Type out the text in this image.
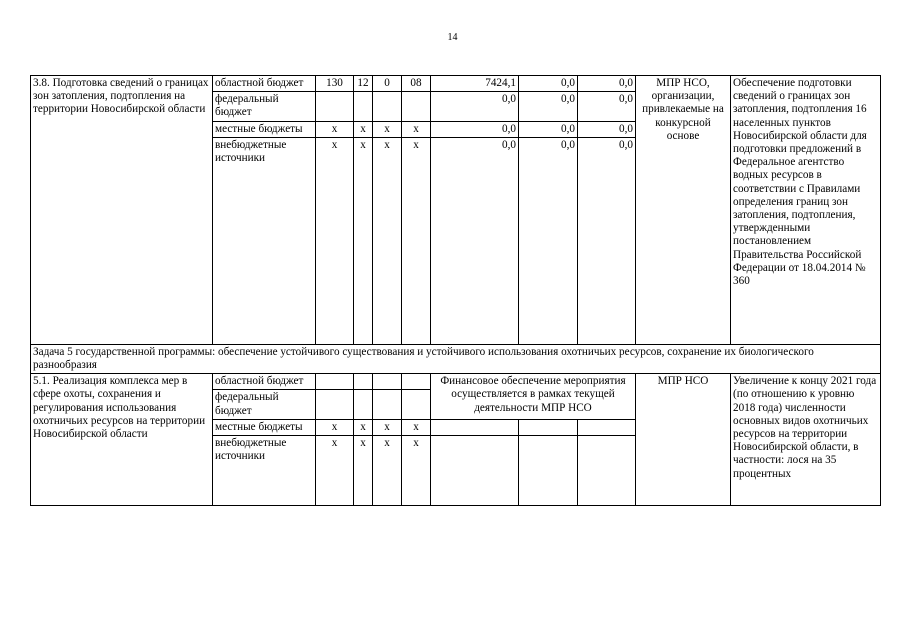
14
3.8. Подготовка сведений о границах зон затопления, подтопления на территории Новосибирской области	областной бюджет	130	12	0	08	7424,1	0,0	0,0	МПР НСО, организации, привлекаемые на конкурсной основе	Обеспечение подготовки сведений о границах зон затопления, подтопления 16 населенных пунктов Новосибирской области для подготовки предложений в Федеральное агентство водных ресурсов в соответствии с Правилами определения границ зон затопления, подтопления, утвержденными постановлением Правительства Российской Федерации от 18.04.2014 № 360
	федеральный бюджет					0,0	0,0	0,0		
	местные бюджеты	х	х	х	х	0,0	0,0	0,0		
	внебюджетные источники	х	х	х	х	0,0	0,0	0,0		
Задача 5 государственной программы: обеспечение устойчивого существования и устойчивого использования охотничьих ресурсов, сохранение их биологического разнообразия										
5.1. Реализация комплекса мер в сфере охоты, сохранения и регулирования использования охотничьих ресурсов на территории Новосибирской области	областной бюджет					Финансовое обеспечение мероприятия осуществляется в рамках текущей деятельности МПР НСО			МПР НСО	Увеличение к концу 2021 года (по отношению к уровню 2018 года) численности основных видов охотничьих ресурсов на территории Новосибирской области, в частности: лося на 35 процентных
	федеральный бюджет									
	местные бюджеты	х	х	х	х					
	внебюджетные источники	х	х	х	х					
